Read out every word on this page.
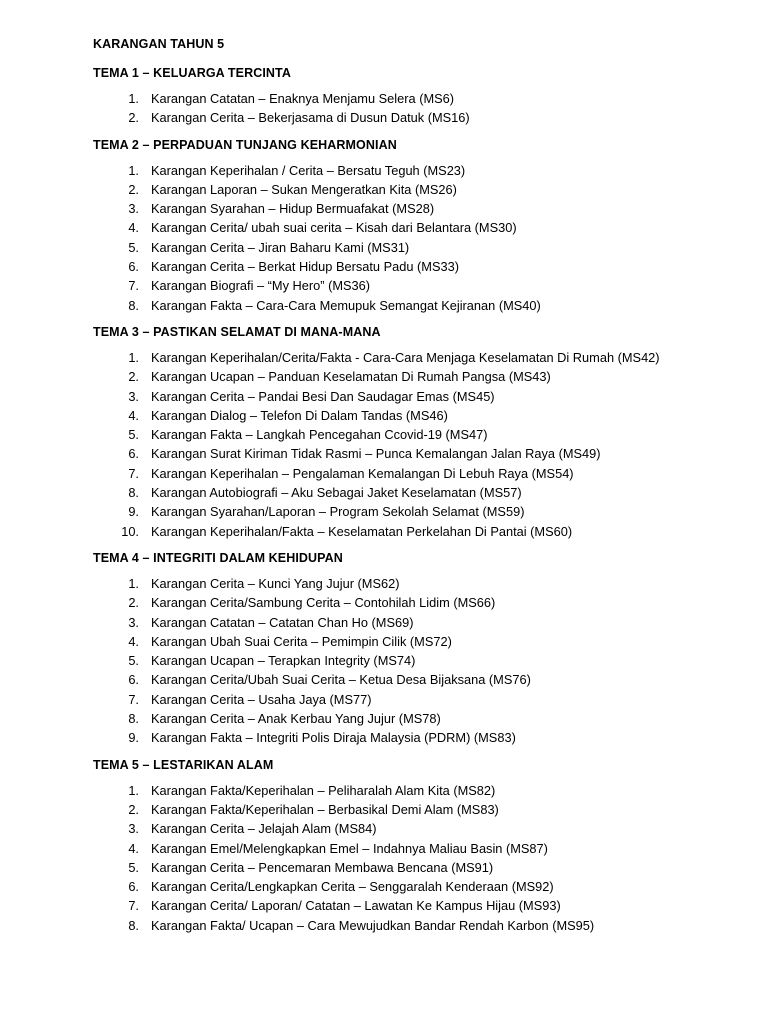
KARANGAN TAHUN 5
TEMA 1 – KELUARGA TERCINTA
1. Karangan Catatan – Enaknya Menjamu Selera (MS6)
2. Karangan Cerita – Bekerjasama di Dusun Datuk (MS16)
TEMA 2 – PERPADUAN TUNJANG KEHARMONIAN
1. Karangan Keperihalan / Cerita – Bersatu Teguh (MS23)
2. Karangan Laporan – Sukan Mengeratkan Kita (MS26)
3. Karangan Syarahan – Hidup Bermuafakat (MS28)
4. Karangan Cerita/ ubah suai cerita – Kisah dari Belantara (MS30)
5. Karangan Cerita – Jiran Baharu Kami (MS31)
6. Karangan Cerita – Berkat Hidup Bersatu Padu (MS33)
7. Karangan Biografi – “My Hero” (MS36)
8. Karangan Fakta – Cara-Cara Memupuk Semangat Kejiranan (MS40)
TEMA 3 – PASTIKAN SELAMAT DI MANA-MANA
1. Karangan Keperihalan/Cerita/Fakta - Cara-Cara Menjaga Keselamatan Di Rumah (MS42)
2. Karangan Ucapan – Panduan Keselamatan Di Rumah Pangsa (MS43)
3. Karangan Cerita – Pandai Besi Dan Saudagar Emas (MS45)
4. Karangan Dialog – Telefon Di Dalam Tandas (MS46)
5. Karangan Fakta – Langkah Pencegahan Ccovid-19 (MS47)
6. Karangan Surat Kiriman Tidak Rasmi – Punca Kemalangan Jalan Raya (MS49)
7. Karangan Keperihalan – Pengalaman Kemalangan Di Lebuh Raya (MS54)
8. Karangan Autobiografi – Aku Sebagai Jaket Keselamatan (MS57)
9. Karangan Syarahan/Laporan – Program Sekolah Selamat (MS59)
10. Karangan Keperihalan/Fakta – Keselamatan Perkelahan Di Pantai (MS60)
TEMA 4 – INTEGRITI DALAM KEHIDUPAN
1. Karangan Cerita – Kunci Yang Jujur (MS62)
2. Karangan Cerita/Sambung Cerita – Contohilah Lidim (MS66)
3. Karangan Catatan – Catatan Chan Ho (MS69)
4. Karangan Ubah Suai Cerita – Pemimpin Cilik (MS72)
5. Karangan Ucapan – Terapkan Integrity (MS74)
6. Karangan Cerita/Ubah Suai Cerita – Ketua Desa Bijaksana (MS76)
7. Karangan Cerita – Usaha Jaya (MS77)
8. Karangan Cerita – Anak Kerbau Yang Jujur (MS78)
9. Karangan Fakta – Integriti Polis Diraja Malaysia (PDRM) (MS83)
TEMA 5 – LESTARIKAN ALAM
1. Karangan Fakta/Keperihalan – Peliharalah Alam Kita (MS82)
2. Karangan Fakta/Keperihalan – Berbasikal Demi Alam (MS83)
3. Karangan Cerita – Jelajah Alam (MS84)
4. Karangan Emel/Melengkapkan Emel – Indahnya Maliau Basin (MS87)
5. Karangan Cerita – Pencemaran Membawa Bencana (MS91)
6. Karangan Cerita/Lengkapkan Cerita – Senggaralah Kenderaan (MS92)
7. Karangan Cerita/ Laporan/ Catatan – Lawatan Ke Kampus Hijau (MS93)
8. Karangan Fakta/ Ucapan – Cara Mewujudkan Bandar Rendah Karbon (MS95)
